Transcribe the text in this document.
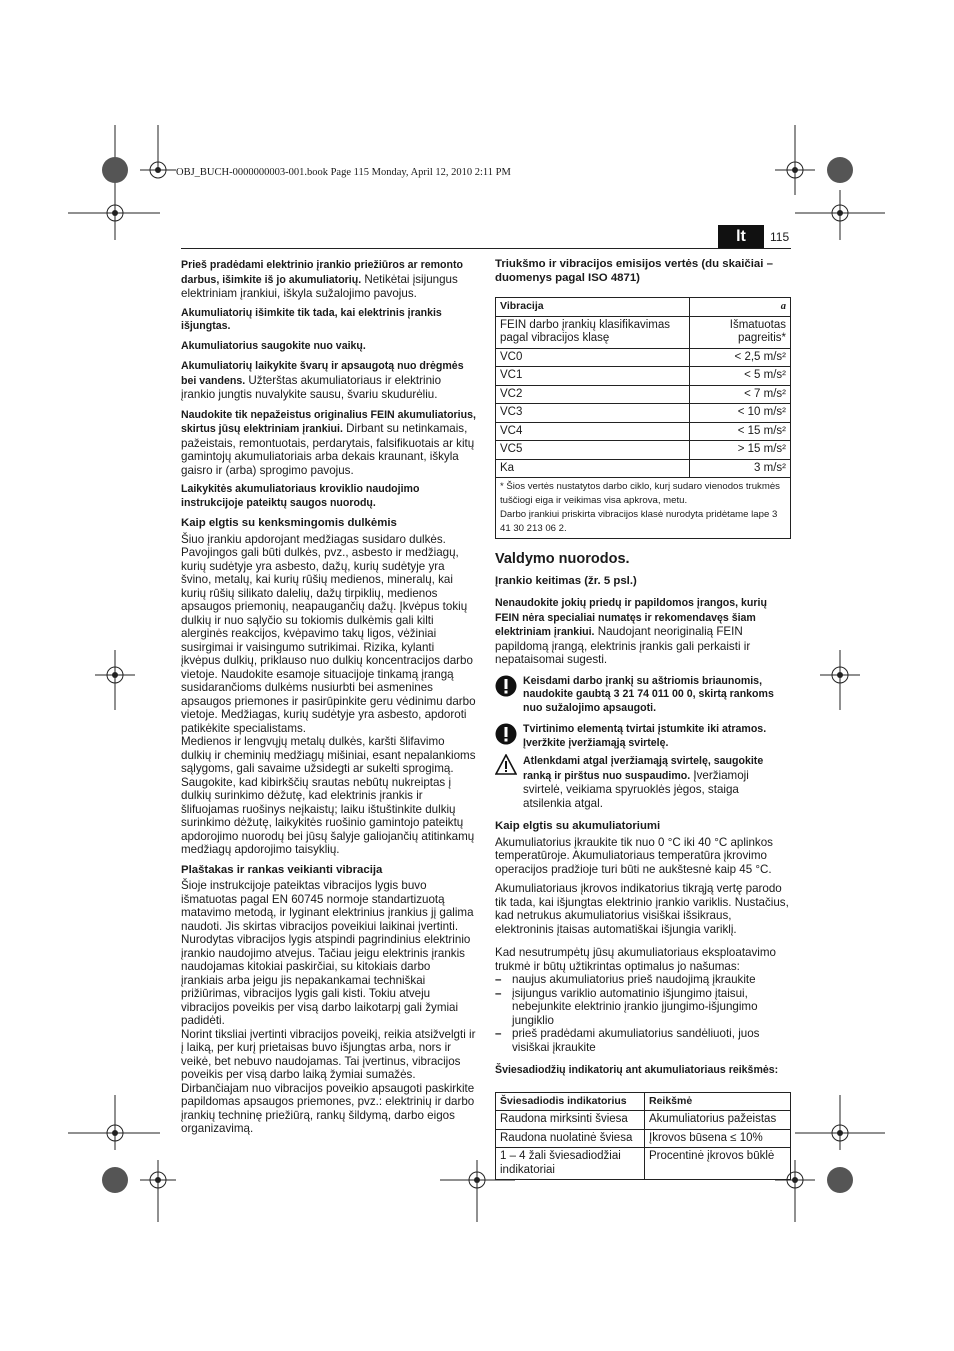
OBJ_BUCH-0000000003-001.book Page 115 Monday, April 12, 2010 2:11 PM
lt	115

Prieš pradėdami elektrinio įrankio priežiūros ar remonto darbus, išimkite iš jo akumuliatorių. Netikėtai įsijungus elektriniam įrankiui, iškyla sužalojimo pavojus.

Akumuliatorių išimkite tik tada, kai elektrinis įrankis išjungtas.

Akumuliatorius saugokite nuo vaikų.

Akumuliatorių laikykite švarų ir apsaugotą nuo drėgmės bei vandens. Užterštas akumuliatoriaus ir elektrinio įrankio jungtis nuvalykite sausu, švariu skudurėliu.

Naudokite tik nepažeistus originalius FEIN akumuliatorius, skirtus jūsų elektriniam įrankiui. Dirbant su netinkamais, pažeistais, remontuotais, perdarytais, falsifikuotais ar kitų gamintojų akumuliatoriais arba dekais kraunant, iškyla gaisro ir (arba) sprogimo pavojus.

Laikykitės akumuliatoriaus kroviklio naudojimo instrukcijoje pateiktų saugos nuorodų.

Kaip elgtis su kenksmingomis dulkėmis
Šiuo įrankiu apdorojant medžiagas susidaro dulkės. Pavojingos gali būti dulkės, pvz., asbesto ir medžiagų, kurių sudėtyje yra asbesto, dažų, kurių sudėtyje yra švino, metalų, kai kurių rūšių medienos, mineralų, kai kurių rūšių silikato dalelių, dažų tirpiklių, medienos apsaugos priemonių, neapaugančių dažų. Įkvėpus tokių dulkių ir nuo sąlyčio su tokiomis dulkėmis gali kilti alerginės reakcijos, kvėpavimo takų ligos, vėžiniai susirgimai ir vaisingumo sutrikimai. Rizika, kylanti įkvėpus dulkių, priklauso nuo dulkių koncentracijos darbo vietoje. Naudokite esamoje situacijoje tinkamą įrangą susidarančioms dulkėms nusiurbti bei asmenines apsaugos priemones ir pasirūpinkite geru vėdinimu darbo vietoje. Medžiagas, kurių sudėtyje yra asbesto, apdoroti patikėkite specialistams.
Medienos ir lengvųjų metalų dulkės, karšti šlifavimo dulkių ir cheminių medžiagų mišiniai, esant nepalankioms sąlygoms, gali savaime užsidegti ar sukelti sprogimą. Saugokite, kad kibirkščių srautas nebūtų nukreiptas į dulkių surinkimo dėžutę, kad elektrinis įrankis ir šlifuojamas ruošinys neįkaistų; laiku ištuštinkite dulkių surinkimo dėžutę, laikykitės ruošinio gamintojo pateiktų apdorojimo nuorodų bei jūsų šalyje galiojančių atitinkamų medžiagų apdorojimo taisyklių.
Plaštakas ir rankas veikianti vibracija
Šioje instrukcijoje pateiktas vibracijos lygis buvo išmatuotas pagal EN 60745 normoje standartizuotą matavimo metodą, ir lyginant elektrinius įrankius jį galima naudoti. Jis skirtas vibracijos poveikiui laikinai įvertinti. Nurodytas vibracijos lygis atspindi pagrindinius elektrinio įrankio naudojimo atvejus. Tačiau jeigu elektrinis įrankis naudojamas kitokiai paskirčiai, su kitokiais darbo įrankiais arba jeigu jis nepakankamai techniškai prižiūrimas, vibracijos lygis gali kisti. Tokiu atveju vibracijos poveikis per visą darbo laikotarpį gali žymiai padidėti.
Norint tiksliai įvertinti vibracijos poveikį, reikia atsižvelgti ir į laiką, per kurį prietaisas buvo išjungtas arba, nors ir veikė, bet nebuvo naudojamas. Tai įvertinus, vibracijos poveikis per visą darbo laiką žymiai sumažės.
Dirbančiajam nuo vibracijos poveikio apsaugoti paskirkite papildomas apsaugos priemones, pvz.: elektrinių ir darbo įrankių techninę priežiūrą, rankų šildymą, darbo eigos organizavimą.
Triukšmo ir vibracijos emisijos vertės (du skaičiai – duomenys pagal ISO 4871)
Vibracija	a
FEIN darbo įrankių klasifikavimas pagal vibracijos klasę	Išmatuotas pagreitis*
VC0	< 2,5 m/s²
VC1	< 5 m/s²
VC2	< 7 m/s²
VC3	< 10 m/s²
VC4	< 15 m/s²
VC5	> 15 m/s²
Ka	3 m/s²

* Šios vertės nustatytos darbo ciklo, kurį sudaro vienodos trukmės tuščiogi eiga ir veikimas visa apkrova, metu.
Darbo įrankiui priskirta vibracijos klasė nurodyta pridėtame lape 3 41 30 213 06 2.	
Valdymo nuorodos.
Įrankio keitimas (žr. 5 psl.)

Nenaudokite jokių priedų ir papildomos įrangos, kurių FEIN nėra specialiai numatęs ir rekomendavęs šiam elektriniam įrankiui. Naudojant neoriginalią FEIN papildomą įrangą, elektrinis įrankis gali perkaisti ir nepataisomai sugesti.

Keisdami darbo įrankį su aštriomis briaunomis, naudokite gaubtą 3 21 74 011 00 0, skirtą rankoms nuo sužalojimo apsaugoti.
Tvirtinimo elementą tvirtai įstumkite iki atramos. Įveržkite įveržiamąją svirtelę.
Atlenkdami atgal įveržiamąją svirtelę, saugokite ranką ir pirštus nuo suspaudimo. Įveržiamoji svirtelė, veikiama spyruoklės jėgos, staiga atsilenkia atgal.
Kaip elgtis su akumuliatoriumi

Akumuliatorius įkraukite tik nuo 0 °C iki 40 °C aplinkos temperatūroje. Akumuliatoriaus temperatūra įkrovimo operacijos pradžioje turi būti ne aukštesnė kaip 45 °C.

Akumuliatoriaus įkrovos indikatorius tikrąją vertę parodo tik tada, kai išjungtas elektrinio įrankio variklis. Nustačius, kad netrukus akumuliatorius visiškai išsikraus, elektroninis įtaisas automatiškai išjungia variklį.

Kad nesutrumpėtų jūsų akumuliatoriaus eksploatavimo trukmė ir būtų užtikrintas optimalus jo našumas:

– naujus akumuliatorius prieš naudojimą įkraukite
– įsijungus varikliо automatinio išjungimo įtaisui, nebejunkite elektrinio įrankio įjungimo-išjungimo jungiklio
– prieš pradėdami akumuliatorius sandėliuoti, juos visiškai įkraukite

Šviesadiodžių indikatorių ant akumuliatoriaus reikšmės:

Šviesadiodis indikatorius	Reikšmė
Raudona mirksinti šviesa	Akumuliatorius pažeistas
Raudona nuolatinė šviesa	Įkrovos būsena ≤ 10%
1 – 4 žali šviesadiodžiai indikatoriai	Procentinė įkrovos būklė
